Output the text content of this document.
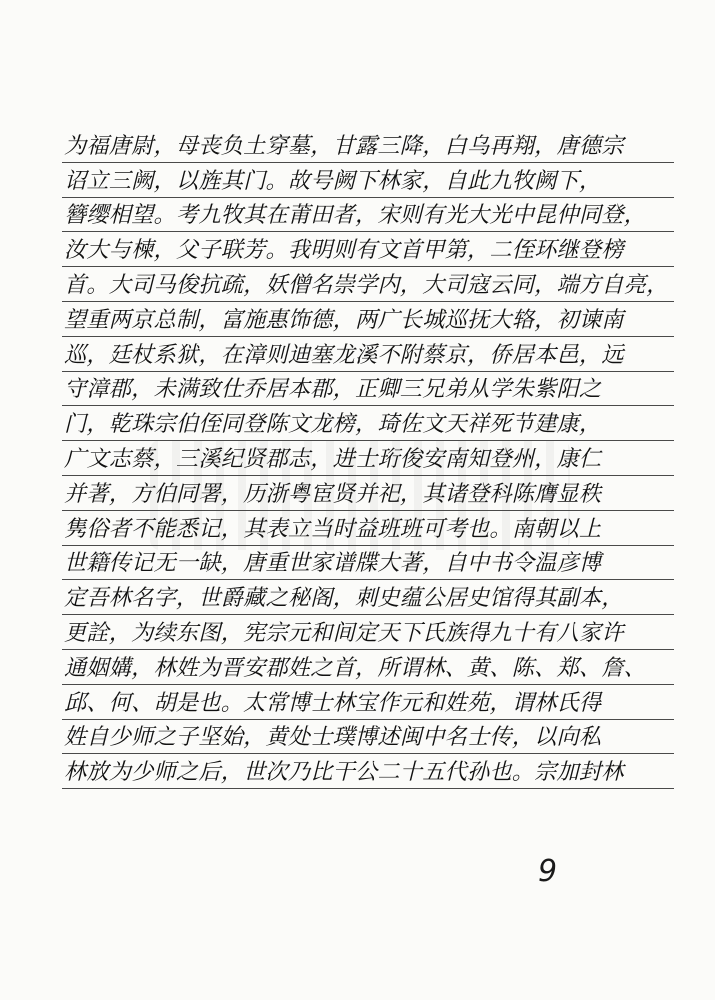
为福唐尉，母丧负土穿墓，甘露三降，白乌再翔，唐德宗
诏立三阙，以旌其门。故号阙下林家，自此九牧阙下，
簪缨相望。考九牧其在莆田者，宋则有光大光中昆仲同登，
汝大与楝，父子联芳。我明则有文首甲第，二侄环继登榜
首。大司马俊抗疏，妖僧名崇学内，大司寇云同，端方自亮，
望重两京总制，富施惠饰德，两广长城巡抚大辂，初谏南
巡，廷杖系狱，在漳则迪塞龙溪不附蔡京，侨居本邑，远
守漳郡，未满致仕乔居本郡，正卿三兄弟从学朱紫阳之
门，乾珠宗伯侄同登陈文龙榜，琦佐文天祥死节建康，
广文志蔡，三溪纪贤郡志，进士珩俊安南知登州，康仁
并著，方伯同署，历浙粤宦贤并祀，其诸登科陈膺显秩
隽俗者不能悉记，其表立当时益班班可考也。南朝以上
世籍传记无一缺，唐重世家谱牒大著，自中书令温彦博
定吾林名字，世爵藏之秘阁，刺史蕴公居史馆得其副本，
更詮，为续东图，宪宗元和间定天下氏族得九十有八家许
通姻媾，林姓为晋安郡姓之首，所谓林、黄、陈、郑、詹、
邱、何、胡是也。太常博士林宝作元和姓苑，谓林氏得
姓自少师之子坚始，黄处士璞博述闽中名士传，以向私
林放为少师之后，世次乃比干公二十五代孙也。宗加封林
9
